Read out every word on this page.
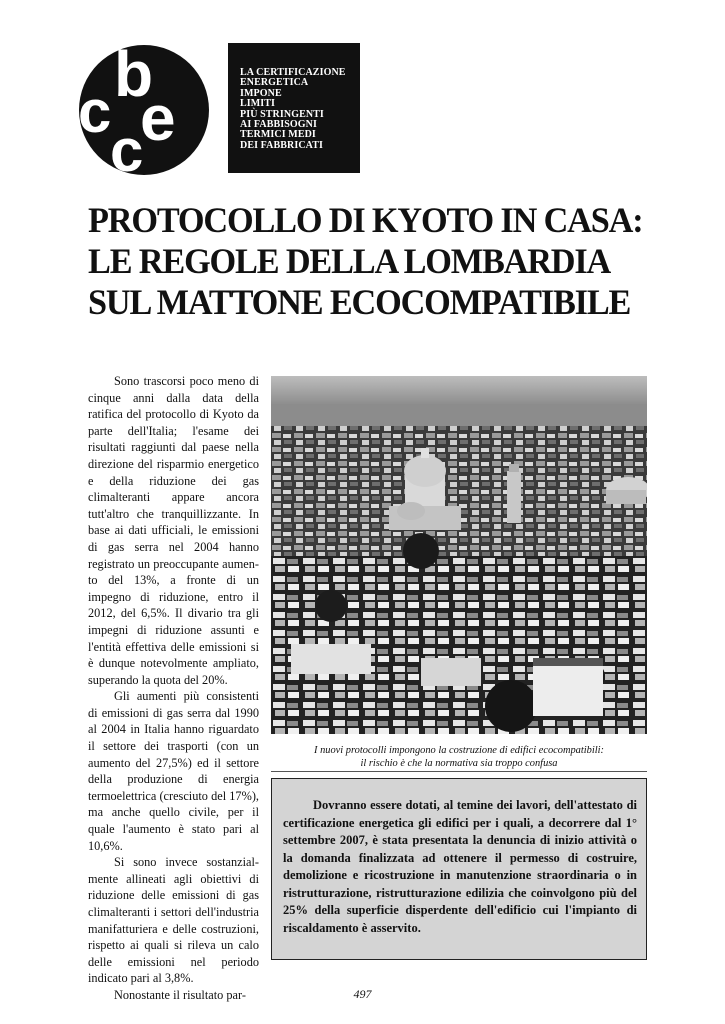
b
c e
c
LA CERTIFICAZIONE
ENERGETICA
IMPONE
LIMITI
PIÙ STRINGENTI
AI FABBISOGNI
TERMICI MEDI
DEI FABBRICATI
PROTOCOLLO DI KYOTO IN CASA:
LE REGOLE DELLA LOMBARDIA
SUL MATTONE ECOCOMPATIBILE

Sono trascorsi poco meno di cinque anni dalla data della ratifica del protocollo di Kyoto da parte dell'Italia; l'esame dei risultati raggiunti dal paese nella direzione del risparmio energetico e della riduzione dei gas climalteranti appare ancora tutt'altro che tranquillizzante. In base ai dati ufficiali, le emissioni di gas serra nel 2004 hanno registrato un preoccupante aumento del 13%, a fronte di un impegno di riduzione, entro il 2012, del 6,5%. Il divario tra gli impegni di riduzione assunti e l'entità effettiva delle emissioni si è dunque notevolmente ampliato, superando la quota del 20%.

Gli aumenti più consistenti di emissioni di gas serra dal 1990 al 2004 in Italia hanno riguardato il settore dei trasporti (con un aumento del 27,5%) ed il settore della produzione di energia termoelettrica (cresciuto del 17%), ma anche quello civile, per il quale l'aumento è stato pari al 10,6%.

Si sono invece sostanzialmente allineati agli obiettivi di riduzione delle emissioni di gas climalteranti i settori dell'industria manifatturiera e delle costruzioni, rispetto ai quali si rileva un calo delle emissioni nel periodo indicato pari al 3,8%.

Nonostante il risultato par-

I nuovi protocolli impongono la costruzione di edifici ecocompatibili:
il rischio è che la normativa sia troppo confusa

Dovranno essere dotati, al temine dei lavori, dell'attestato di certificazione energetica gli edifici per i quali, a decorrere dal 1° settembre 2007, è stata presentata la denuncia di inizio attività o la domanda finalizzata ad ottenere il permesso di costruire, demolizione e ricostruzione in manutenzione straordinaria o in ristrutturazione, ristrutturazione edilizia che coinvolgono più del 25% della superficie disperdente dell'edificio cui l'impianto di riscaldamento è asservito.

497
